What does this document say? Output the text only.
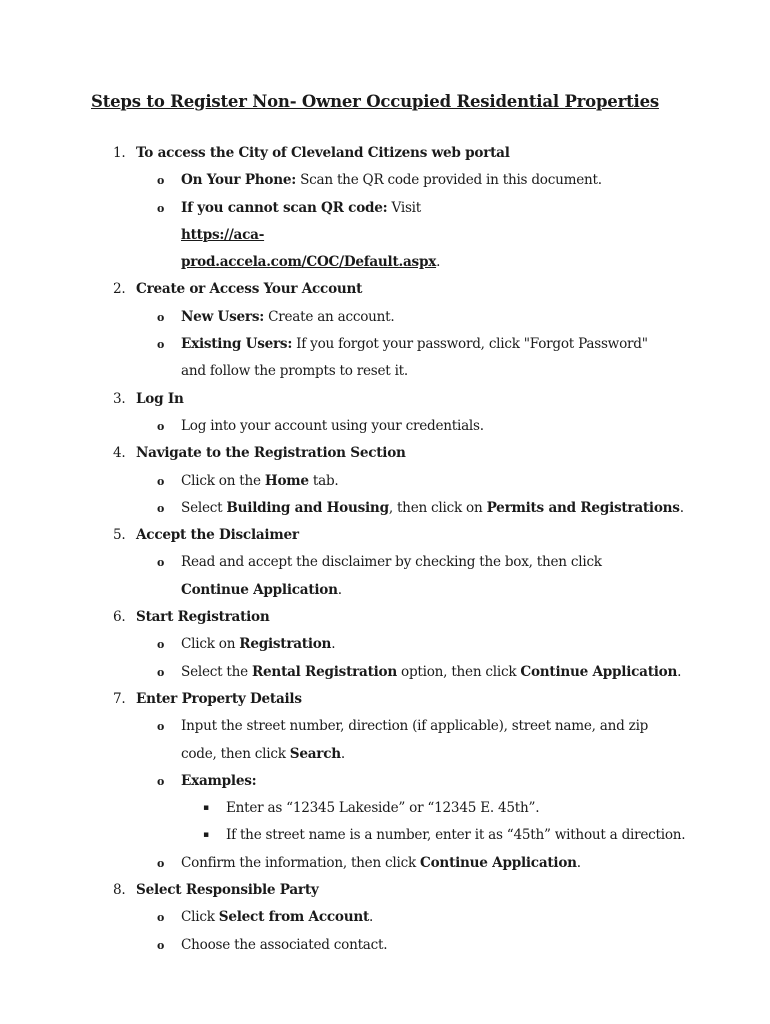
Steps to Register Non- Owner Occupied Residential Properties
1. To access the City of Cleveland Citizens web portal
o On Your Phone: Scan the QR code provided in this document.
o If you cannot scan QR code: Visit https://aca-prod.accela.com/COC/Default.aspx.
2. Create or Access Your Account
o New Users: Create an account.
o Existing Users: If you forgot your password, click "Forgot Password" and follow the prompts to reset it.
3. Log In
o Log into your account using your credentials.
4. Navigate to the Registration Section
o Click on the Home tab.
o Select Building and Housing, then click on Permits and Registrations.
5. Accept the Disclaimer
o Read and accept the disclaimer by checking the box, then click Continue Application.
6. Start Registration
o Click on Registration.
o Select the Rental Registration option, then click Continue Application.
7. Enter Property Details
o Input the street number, direction (if applicable), street name, and zip code, then click Search.
o Examples:
▪ Enter as “12345 Lakeside” or “12345 E. 45th”.
▪ If the street name is a number, enter it as “45th” without a direction.
o Confirm the information, then click Continue Application.
8. Select Responsible Party
o Click Select from Account.
o Choose the associated contact.
